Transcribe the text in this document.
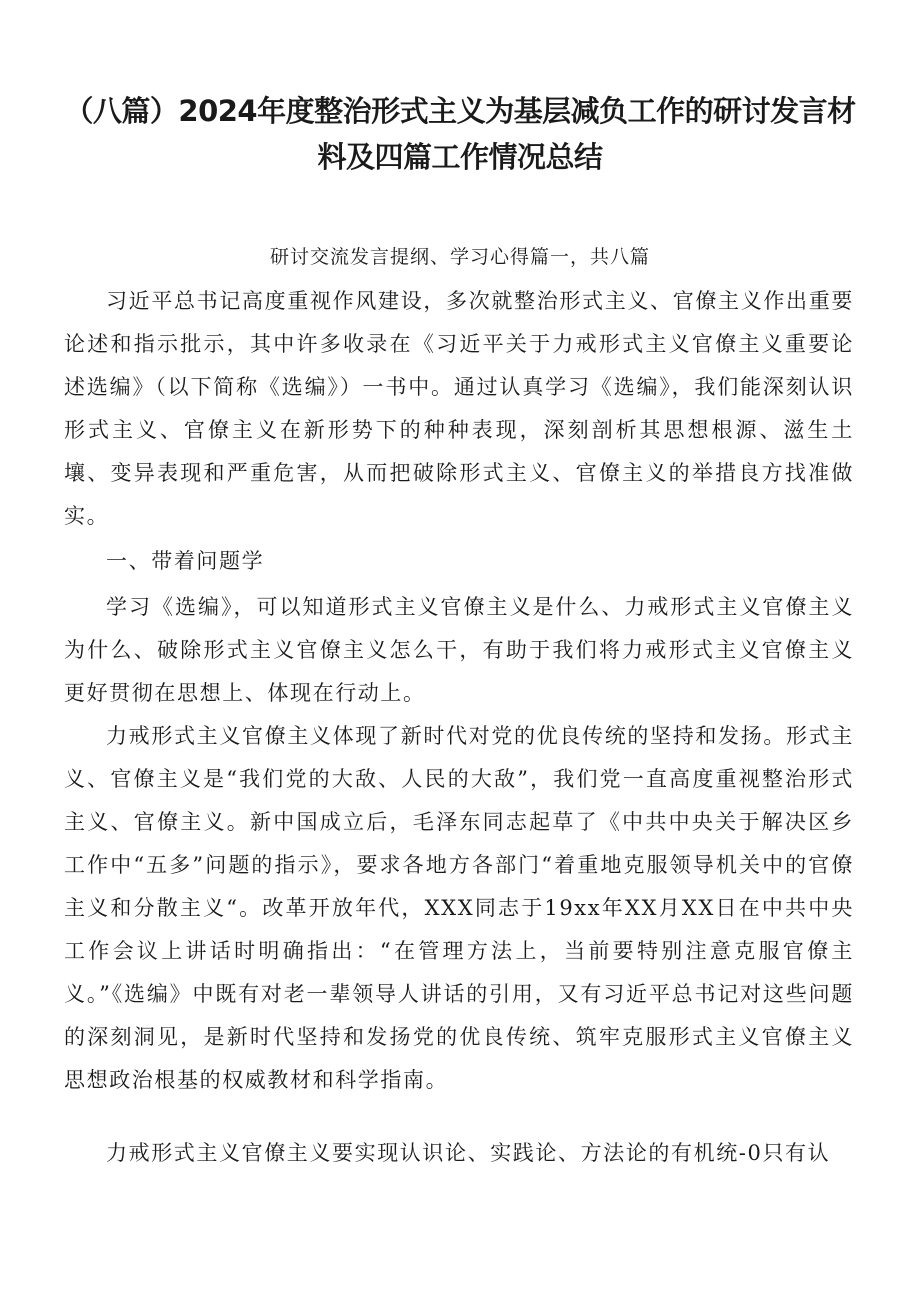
（八篇）2024年度整治形式主义为基层减负工作的研讨发言材料及四篇工作情况总结
研讨交流发言提纲、学习心得篇一，共八篇

习近平总书记高度重视作风建设，多次就整治形式主义、官僚主义作出重要论述和指示批示，其中许多收录在《习近平关于力戒形式主义官僚主义重要论述选编》（以下简称《选编》）一书中。通过认真学习《选编》，我们能深刻认识形式主义、官僚主义在新形势下的种种表现，深刻剖析其思想根源、滋生土壤、变异表现和严重危害，从而把破除形式主义、官僚主义的举措良方找准做实。

一、带着问题学

学习《选编》，可以知道形式主义官僚主义是什么、力戒形式主义官僚主义为什么、破除形式主义官僚主义怎么干，有助于我们将力戒形式主义官僚主义更好贯彻在思想上、体现在行动上。

力戒形式主义官僚主义体现了新时代对党的优良传统的坚持和发扬。形式主义、官僚主义是“我们党的大敌、人民的大敌”，我们党一直高度重视整治形式主义、官僚主义。新中国成立后，毛泽东同志起草了《中共中央关于解决区乡工作中“五多”问题的指示》，要求各地方各部门“着重地克服领导机关中的官僚主义和分散主义“。改革开放年代，XXX同志于19xx年XX月XX日在中共中央工作会议上讲话时明确指出：“在管理方法上，当前要特别注意克服官僚主义。”《选编》中既有对老一辈领导人讲话的引用，又有习近平总书记对这些问题的深刻洞见，是新时代坚持和发扬党的优良传统、筑牢克服形式主义官僚主义思想政治根基的权威教材和科学指南。

力戒形式主义官僚主义要实现认识论、实践论、方法论的有机统-0只有认
